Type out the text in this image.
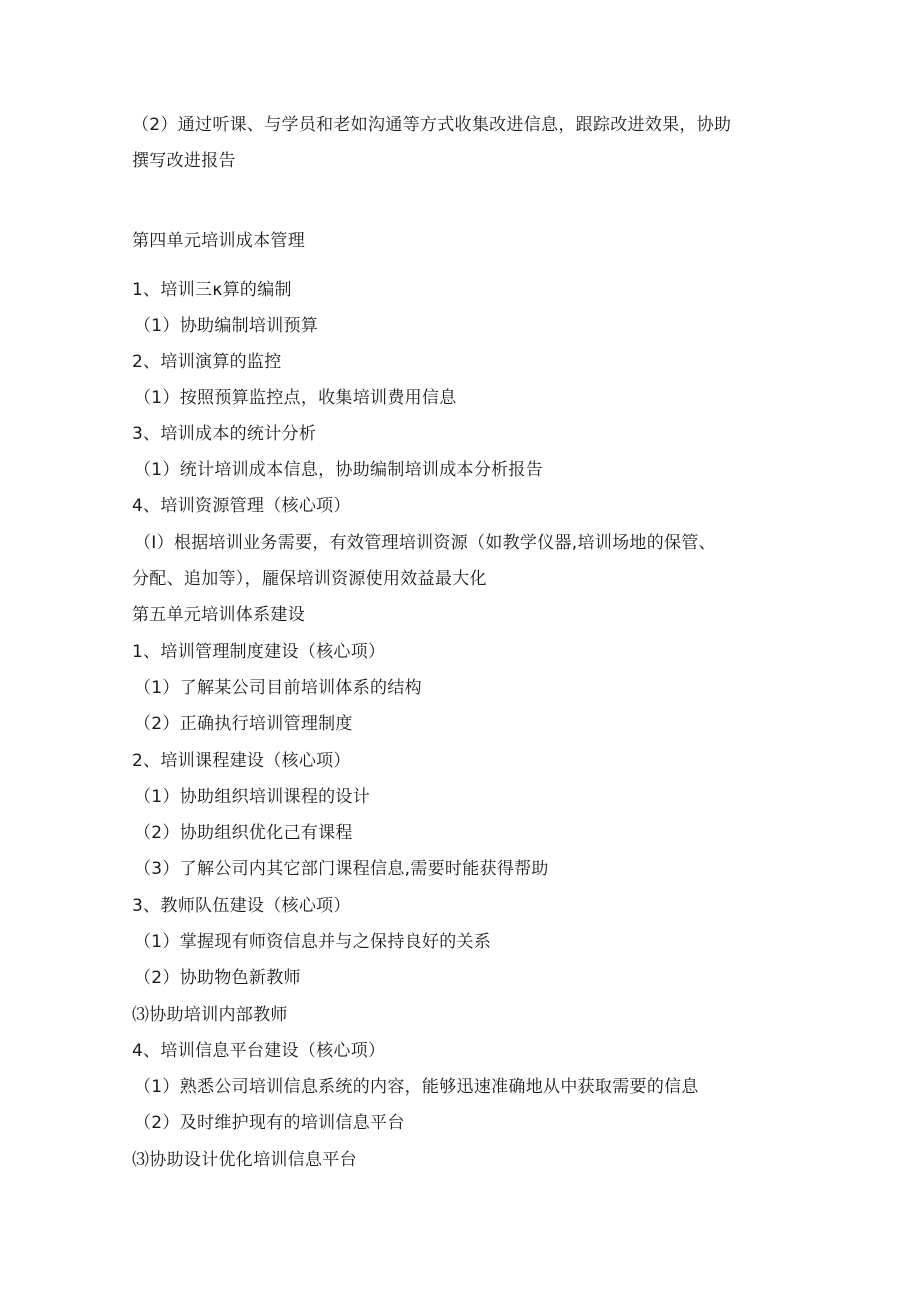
（2）通过听课、与学员和老如沟通等方式收集改进信息，跟踪改进效果，协助
撰写改进报告
第四单元培训成本管理
1、培训三κ算的编制
（1）协助编制培训预算
2、培训演算的监控
（1）按照预算监控点，收集培训费用信息
3、培训成本的统计分析
（1）统计培训成本信息，协助编制培训成本分析报告
4、培训资源管理（核心项）
（I）根据培训业务需要，有效管理培训资源（如教学仪器,培训场地的保管、
分配、追加等），龎保培训资源使用效益最大化
第五单元培训体系建设
1、培训管理制度建设（核心项）
（1）了解某公司目前培训体系的结构
（2）正确执行培训管理制度
2、培训课程建设（核心项）
（1）协助组织培训课程的设计
（2）协助组织优化己有课程
（3）了解公司内其它部门课程信息,需要时能获得帮助
3、教师队伍建设（核心项）
（1）掌握现有师资信息并与之保持良好的关系
（2）协助物色新教师
⑶协助培训内部教师
4、培训信息平台建设（核心项）
（1）熟悉公司培训信息系统的内容，能够迅速准确地从中获取需要的信息
（2）及时维护现有的培训信息平台
⑶协助设计优化培训信息平台
